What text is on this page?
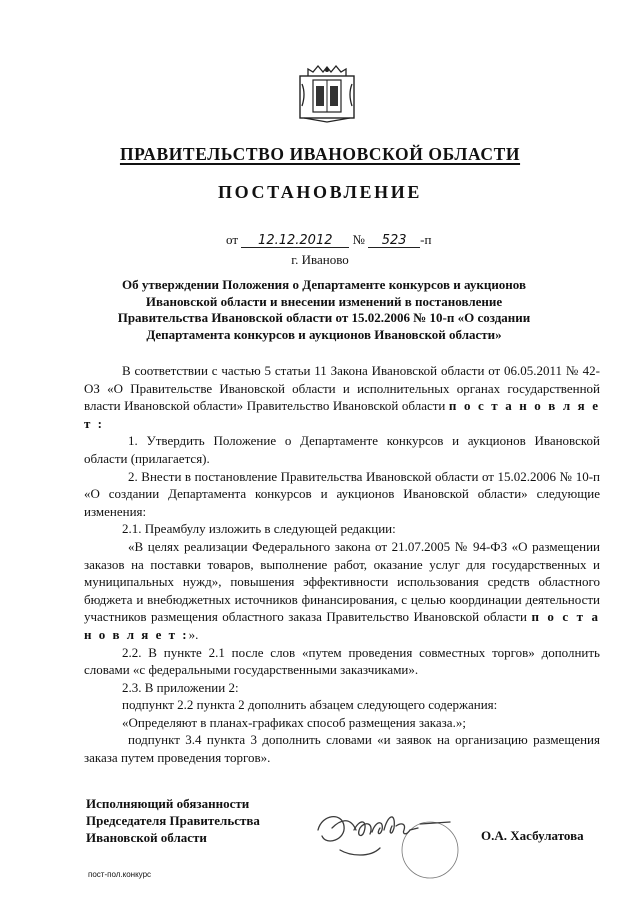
ПРАВИТЕЛЬСТВО ИВАНОВСКОЙ ОБЛАСТИ
ПОСТАНОВЛЕНИЕ
от 12.12.2012 № 523 -п
г. Иваново
Об утверждении Положения о Департаменте конкурсов и аукционов
Ивановской области и внесении изменений в постановление
Правительства Ивановской области от 15.02.2006 № 10-п «О создании
Департамента конкурсов и аукционов Ивановской области»

В соответствии с частью 5 статьи 11 Закона Ивановской области от 06.05.2011 № 42-ОЗ «О Правительстве Ивановской области и исполнительных органах государственной власти Ивановской области» Правительство Ивановской области п о с т а н о в л я е т :

1. Утвердить Положение о Департаменте конкурсов и аукционов Ивановской области (прилагается).

2. Внести в постановление Правительства Ивановской области от 15.02.2006 № 10-п «О создании Департамента конкурсов и аукционов Ивановской области» следующие изменения:

2.1. Преамбулу изложить в следующей редакции:

«В целях реализации Федерального закона от 21.07.2005 № 94-ФЗ «О размещении заказов на поставки товаров, выполнение работ, оказание услуг для государственных и муниципальных нужд», повышения эффективности использования средств областного бюджета и внебюджетных источников финансирования, с целью координации деятельности участников размещения областного заказа Правительство Ивановской области п о с т а н о в л я е т :».

2.2. В пункте 2.1 после слов «путем проведения совместных торгов» дополнить словами «с федеральными государственными заказчиками».

2.3. В приложении 2:

подпункт 2.2 пункта 2 дополнить абзацем следующего содержания:

«Определяют в планах-графиках способ размещения заказа.»;

подпункт 3.4 пункта 3 дополнить словами «и заявок на организацию размещения заказа путем проведения торгов».

Исполняющий обязанности
Председателя Правительства
Ивановской области	О.А. Хасбулатова
пост-пол.конкурс
